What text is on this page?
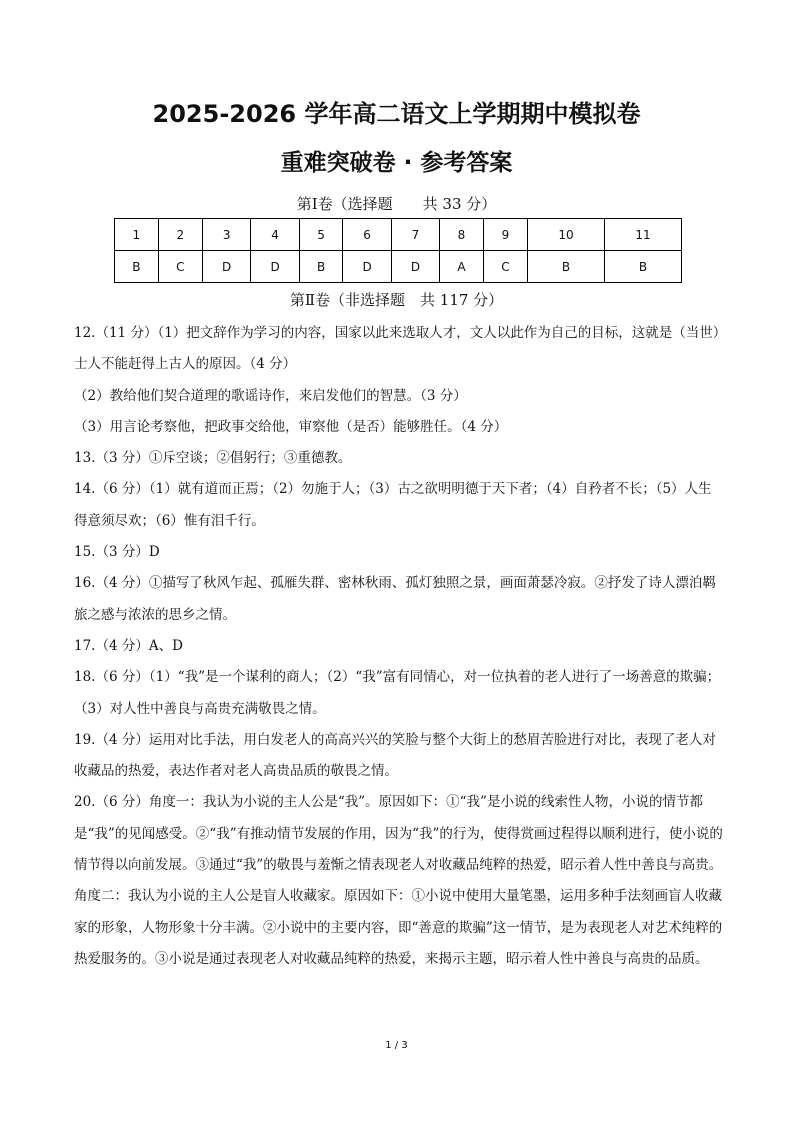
2025-2026 学年高二语文上学期期中模拟卷
重难突破卷 · 参考答案
第Ⅰ卷（选择题　　共 33 分）
1	2	3	4	5	6	7	8	9	10	11
B	C	D	D	B	D	D	A	C	B	B
第Ⅱ卷（非选择题　共 117 分）

12.（11 分）（1）把文辞作为学习的内容，国家以此来选取人才，文人以此作为自己的目标，这就是（当世）士人不能赶得上古人的原因。（4 分）

（2）教给他们契合道理的歌谣诗作，来启发他们的智慧。（3 分）

（3）用言论考察他，把政事交给他，审察他（是否）能够胜任。（4 分）

13.（3 分）①斥空谈；②倡躬行；③重德教。

14.（6 分）（1）就有道而正焉；（2）勿施于人；（3）古之欲明明德于天下者；（4）自矜者不长；（5）人生得意须尽欢；（6）惟有泪千行。

15.（3 分）D

16.（4 分）①描写了秋风乍起、孤雁失群、密林秋雨、孤灯独照之景，画面萧瑟冷寂。②抒发了诗人漂泊羁旅之感与浓浓的思乡之情。

17.（4 分）A、D

18.（6 分）（1）“我”是一个谋利的商人；（2）“我”富有同情心，对一位执着的老人进行了一场善意的欺骗；（3）对人性中善良与高贵充满敬畏之情。

19.（4 分）运用对比手法，用白发老人的高高兴兴的笑脸与整个大街上的愁眉苦脸进行对比，表现了老人对收藏品的热爱，表达作者对老人高贵品质的敬畏之情。

20.（6 分）角度一：我认为小说的主人公是“我”。原因如下：①“我”是小说的线索性人物，小说的情节都是“我”的见闻感受。②“我”有推动情节发展的作用，因为“我”的行为，使得赏画过程得以顺利进行，使小说的情节得以向前发展。③通过“我”的敬畏与羞惭之情表现老人对收藏品纯粹的热爱，昭示着人性中善良与高贵。

角度二：我认为小说的主人公是盲人收藏家。原因如下：①小说中使用大量笔墨，运用多种手法刻画盲人收藏家的形象，人物形象十分丰满。②小说中的主要内容，即“善意的欺骗”这一情节，是为表现老人对艺术纯粹的热爱服务的。③小说是通过表现老人对收藏品纯粹的热爱，来揭示主题，昭示着人性中善良与高贵的品质。

1 / 3
